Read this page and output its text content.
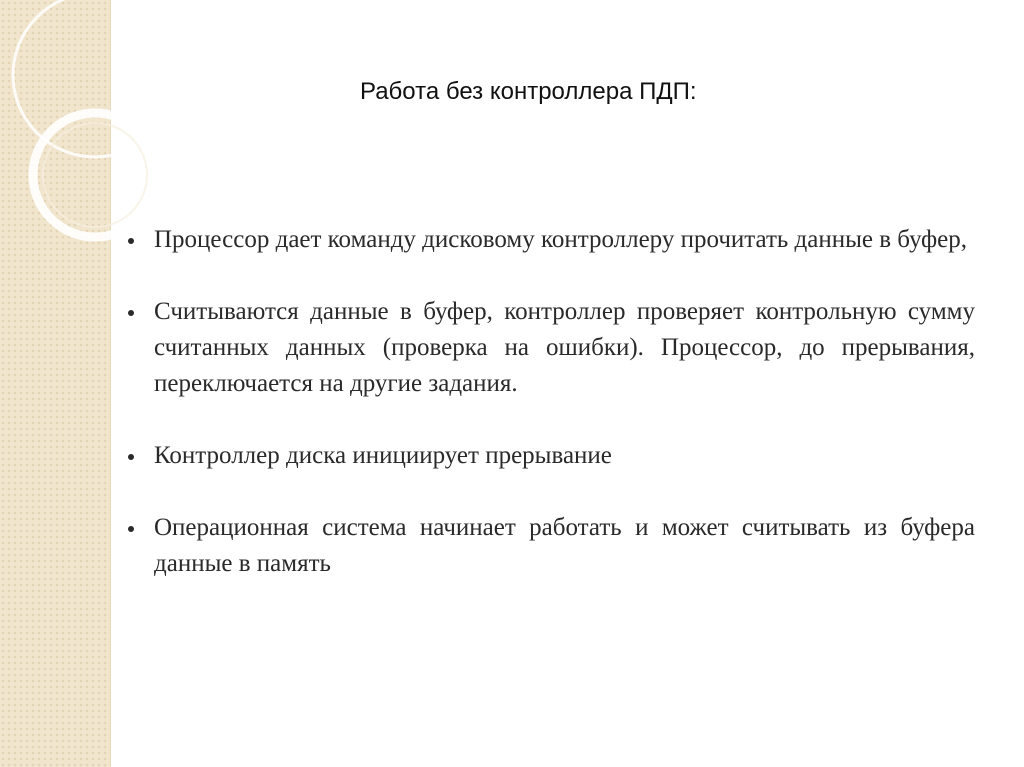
Работа без контроллера ПДП:
Процессор дает команду дисковому контроллеру прочитать данные в буфер,
Считываются данные в буфер, контроллер проверяет контрольную сумму считанных данных (проверка на ошибки). Процессор, до прерывания, переключается на другие задания.
Контроллер диска инициирует прерывание
Операционная система начинает работать и может считывать из буфера данные в память
